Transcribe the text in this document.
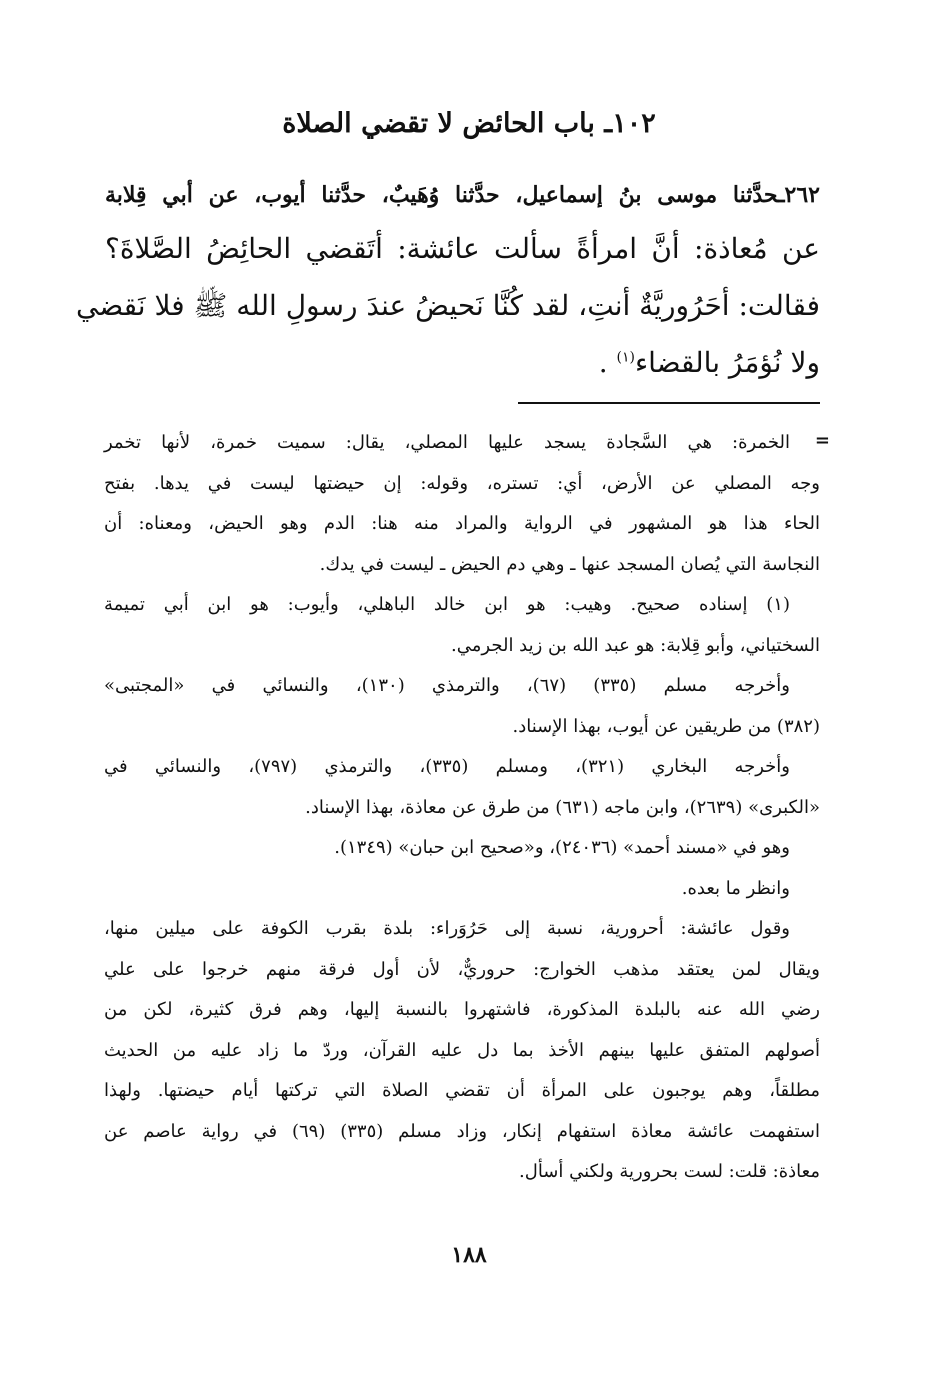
١٠٢ـ باب الحائض لا تقضي الصلاة
٢٦٢ـحدَّثنا موسى بنُ إسماعيل، حدَّثنا وُهَيبٌ، حدَّثنا أيوب، عن أبي قِلابة
عن مُعاذة: أنَّ امرأةً سألت عائشة: أتَقضي الحائِضُ الصَّلاةَ؟
فقالت: أحَرُوريَّةٌ أنتِ، لقد كُنَّا نَحيضُ عندَ رسولِ الله ﷺ فلا نَقضي
ولا نُؤمَرُ بالقضاء$^{(١)}$ .
=

الخمرة: هي السَّجادة يسجد عليها المصلي، يقال: سميت خمرة، لأنها تخمر
وجه المصلي عن الأرض، أي: تستره، وقوله: إن حيضتها ليست في يدها. بفتح
الحاء هذا هو المشهور في الرواية والمراد منه هنا: الدم وهو الحيض، ومعناه: أن
النجاسة التي يُصان المسجد عنها ـ وهي دم الحيض ـ ليست في يدك.

(١) إسناده صحيح. وهيب: هو ابن خالد الباهلي، وأيوب: هو ابن أبي تميمة
السختياني، وأبو قِلابة: هو عبد الله بن زيد الجرمي.

وأخرجه مسلم (٣٣٥) (٦٧)، والترمذي (١٣٠)، والنسائي في «المجتبى»
(٣٨٢) من طريقين عن أيوب، بهذا الإسناد.

وأخرجه البخاري (٣٢١)، ومسلم (٣٣٥)، والترمذي (٧٩٧)، والنسائي في
«الكبرى» (٢٦٣٩)، وابن ماجه (٦٣١) من طرق عن معاذة، بهذا الإسناد.

وهو في «مسند أحمد» (٢٤٠٣٦)، و«صحيح ابن حبان» (١٣٤٩).

وانظر ما بعده.

وقول عائشة: أحرورية، نسبة إلى حَرُوَراء: بلدة بقرب الكوفة على ميلين منها،
ويقال لمن يعتقد مذهب الخوارج: حروريٌّ، لأن أول فرقة منهم خرجوا على علي
رضي الله عنه بالبلدة المذكورة، فاشتهروا بالنسبة إليها، وهم فرق كثيرة، لكن من
أصولهم المتفق عليها بينهم الأخذ بما دل عليه القرآن، وردّ ما زاد عليه من الحديث
مطلقاً، وهم يوجبون على المرأة أن تقضي الصلاة التي تركتها أيام حيضتها. ولهذا
استفهمت عائشة معاذة استفهام إنكار، وزاد مسلم (٣٣٥) (٦٩) في رواية عاصم عن
معاذة: قلت: لست بحرورية ولكني أسأل.

١٨٨
